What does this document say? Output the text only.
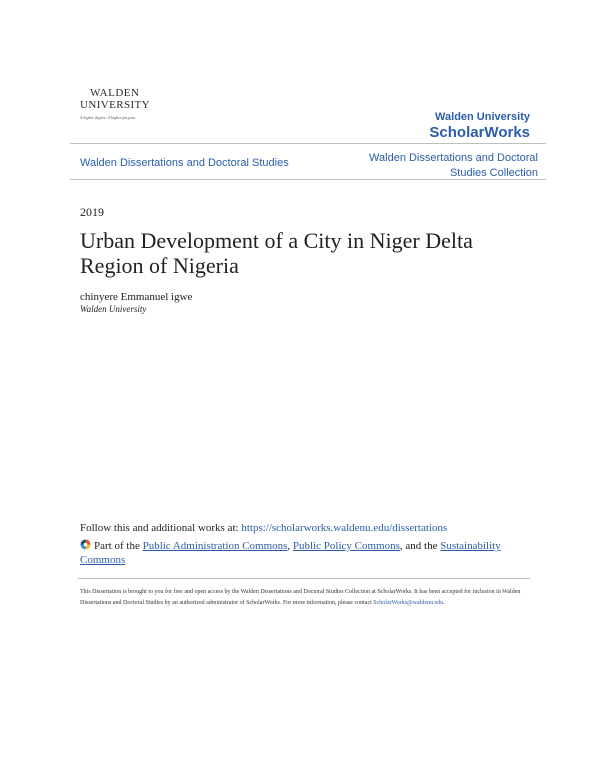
WALDEN
UNIVERSITY
A higher degree. A higher purpose.	Walden University
ScholarWorks
Walden Dissertations and Doctoral Studies	Walden Dissertations and Doctoral Studies Collection
2019
Urban Development of a City in Niger Delta Region of Nigeria
chinyere Emmanuel igwe
Walden University
Follow this and additional works at: https://scholarworks.waldenu.edu/dissertations
Part of the Public Administration Commons, Public Policy Commons, and the Sustainability Commons
This Dissertation is brought to you for free and open access by the Walden Dissertations and Doctoral Studies Collection at ScholarWorks. It has been accepted for inclusion in Walden Dissertations and Doctoral Studies by an authorized administrator of ScholarWorks. For more information, please contact ScholarWorks@waldenu.edu.
